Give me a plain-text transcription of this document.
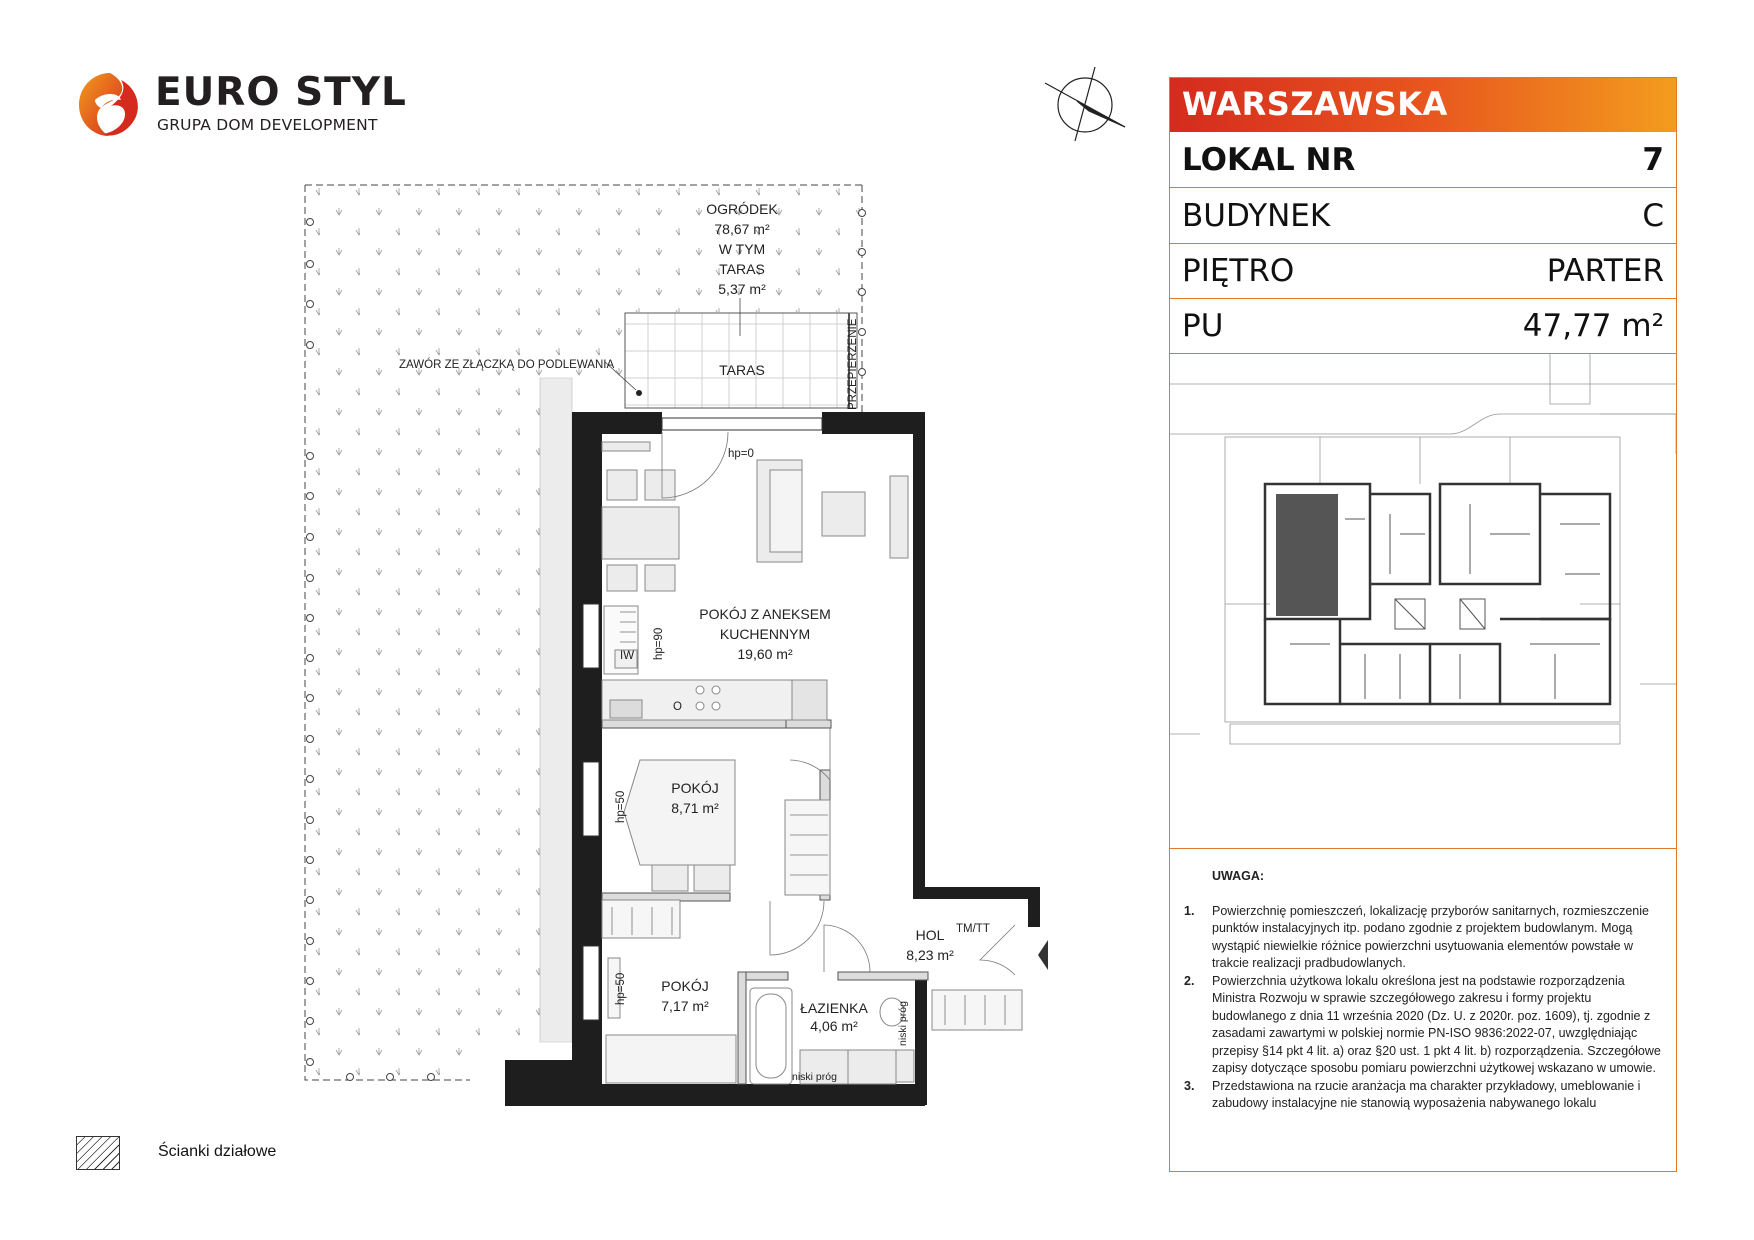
EURO STYL
GRUPA DOM DEVELOPMENT
OGRÓDEK
78,67 m²
W TYM
TARAS
5,37 m²
TARAS	PRZEPIERZENIE
ZAWÓR ZE ZŁĄCZKĄ DO PODLEWANIA
POKÓJ Z ANEKSEM
KUCHENNYM
19,60 m²
POKÓJ
8,71 m²
POKÓJ
7,17 m²
HOL
8,23 m²
ŁAZIENKA
4,06 m²
hp=0
hp=90
hp=50
hp=50
IW
O
TM/TT
niski próg
niski próg
WARSZAWSKA
LOKAL NR	7
BUDYNEK	C
PIĘTRO	PARTER
PU	47,77 m²
UWAGA:
1.	Powierzchnię pomieszczeń, lokalizację przyborów sanitarnych, rozmieszczenie punktów instalacyjnych itp. podano zgodnie z projektem budowlanym. Mogą wystąpić niewielkie różnice powierzchni usytuowania elementów powstałe w trakcie realizacji pradbudowlanych.
2.	Powierzchnia użytkowa lokalu określona jest na podstawie rozporządzenia Ministra Rozwoju w sprawie szczegółowego zakresu i formy projektu budowlanego z dnia 11 września 2020 (Dz. U. z 2020r. poz. 1609), tj. zgodnie z zasadami zawartymi w polskiej normie PN-ISO 9836:2022-07, uwzględniając przepisy §14 pkt 4 lit. a) oraz §20 ust. 1 pkt 4 lit. b) rozporządzenia. Szczegółowe zapisy dotyczące sposobu pomiaru powierzchni użytkowej wskazano w umowie.
3.	Przedstawiona na rzucie aranżacja ma charakter przykładowy, umeblowanie i zabudowy instalacyjne nie stanowią wyposażenia nabywanego lokalu
Ścianki działowe
